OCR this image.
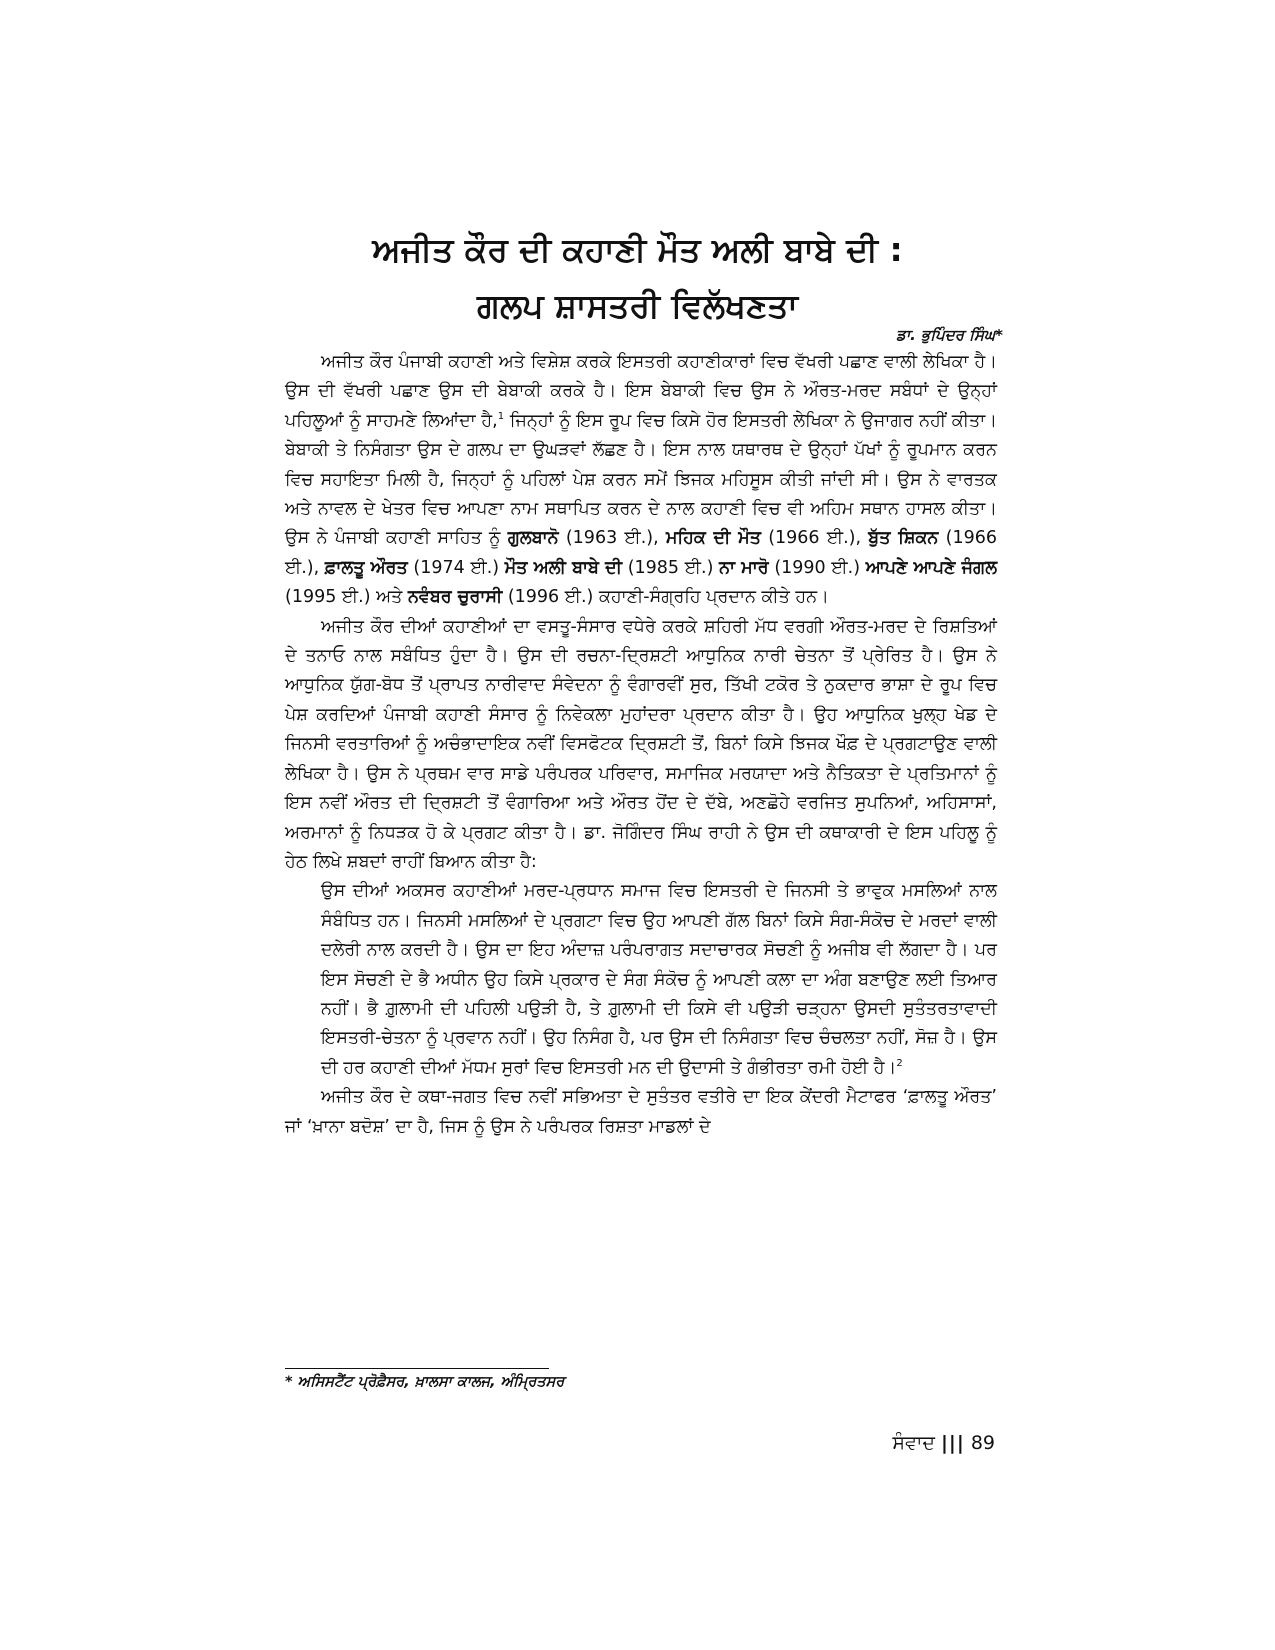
ਅਜੀਤ ਕੌਰ ਦੀ ਕਹਾਣੀ ਮੌਤ ਅਲੀ ਬਾਬੇ ਦੀ :
ਗਲਪ ਸ਼ਾਸਤਰੀ ਵਿਲੱਖਣਤਾ
ਡਾ. ਭੁਪਿੰਦਰ ਸਿੰਘ*

ਅਜੀਤ ਕੌਰ ਪੰਜਾਬੀ ਕਹਾਣੀ ਅਤੇ ਵਿਸ਼ੇਸ਼ ਕਰਕੇ ਇਸਤਰੀ ਕਹਾਣੀਕਾਰਾਂ ਵਿਚ ਵੱਖਰੀ ਪਛਾਣ ਵਾਲੀ ਲੇਖਿਕਾ ਹੈ। ਉਸ ਦੀ ਵੱਖਰੀ ਪਛਾਣ ਉਸ ਦੀ ਬੇਬਾਕੀ ਕਰਕੇ ਹੈ। ਇਸ ਬੇਬਾਕੀ ਵਿਚ ਉਸ ਨੇ ਔਰਤ-ਮਰਦ ਸਬੰਧਾਂ ਦੇ ਉਨ੍ਹਾਂ ਪਹਿਲੂਆਂ ਨੂੰ ਸਾਹਮਣੇ ਲਿਆਂਦਾ ਹੈ,$^1$ ਜਿਨ੍ਹਾਂ ਨੂੰ ਇਸ ਰੂਪ ਵਿਚ ਕਿਸੇ ਹੋਰ ਇਸਤਰੀ ਲੇਖਿਕਾ ਨੇ ਉਜਾਗਰ ਨਹੀਂ ਕੀਤਾ। ਬੇਬਾਕੀ ਤੇ ਨਿਸੰਗਤਾ ਉਸ ਦੇ ਗਲਪ ਦਾ ਉਘੜਵਾਂ ਲੱਛਣ ਹੈ। ਇਸ ਨਾਲ ਯਥਾਰਥ ਦੇ ਉਨ੍ਹਾਂ ਪੱਖਾਂ ਨੂੰ ਰੂਪਮਾਨ ਕਰਨ ਵਿਚ ਸਹਾਇਤਾ ਮਿਲੀ ਹੈ, ਜਿਨ੍ਹਾਂ ਨੂੰ ਪਹਿਲਾਂ ਪੇਸ਼ ਕਰਨ ਸਮੇਂ ਝਿਜਕ ਮਹਿਸੂਸ ਕੀਤੀ ਜਾਂਦੀ ਸੀ। ਉਸ ਨੇ ਵਾਰਤਕ ਅਤੇ ਨਾਵਲ ਦੇ ਖੇਤਰ ਵਿਚ ਆਪਣਾ ਨਾਮ ਸਥਾਪਿਤ ਕਰਨ ਦੇ ਨਾਲ ਕਹਾਣੀ ਵਿਚ ਵੀ ਅਹਿਮ ਸਥਾਨ ਹਾਸਲ ਕੀਤਾ। ਉਸ ਨੇ ਪੰਜਾਬੀ ਕਹਾਣੀ ਸਾਹਿਤ ਨੂੰ ਗੁਲਬਾਨੋ (1963 ਈ.), ਮਹਿਕ ਦੀ ਮੌਤ (1966 ਈ.), ਬੁੱਤ ਸ਼ਿਕਨ (1966 ਈ.), ਫ਼ਾਲਤੂ ਔਰਤ (1974 ਈ.) ਮੌਤ ਅਲੀ ਬਾਬੇ ਦੀ (1985 ਈ.) ਨਾ ਮਾਰੋ (1990 ਈ.) ਆਪਣੇ ਆਪਣੇ ਜੰਗਲ (1995 ਈ.) ਅਤੇ ਨਵੰਬਰ ਚੁਰਾਸੀ (1996 ਈ.) ਕਹਾਣੀ-ਸੰਗ੍ਰਹਿ ਪ੍ਰਦਾਨ ਕੀਤੇ ਹਨ।

ਅਜੀਤ ਕੌਰ ਦੀਆਂ ਕਹਾਣੀਆਂ ਦਾ ਵਸਤੂ-ਸੰਸਾਰ ਵਧੇਰੇ ਕਰਕੇ ਸ਼ਹਿਰੀ ਮੱਧ ਵਰਗੀ ਔਰਤ-ਮਰਦ ਦੇ ਰਿਸ਼ਤਿਆਂ ਦੇ ਤਨਾਓ ਨਾਲ ਸਬੰਧਿਤ ਹੁੰਦਾ ਹੈ। ਉਸ ਦੀ ਰਚਨਾ-ਦ੍ਰਿਸ਼ਟੀ ਆਧੁਨਿਕ ਨਾਰੀ ਚੇਤਨਾ ਤੋਂ ਪ੍ਰੇਰਿਤ ਹੈ। ਉਸ ਨੇ ਆਧੁਨਿਕ ਯੁੱਗ-ਬੋਧ ਤੋਂ ਪ੍ਰਾਪਤ ਨਾਰੀਵਾਦ ਸੰਵੇਦਨਾ ਨੂੰ ਵੰਗਾਰਵੀਂ ਸੁਰ, ਤਿੱਖੀ ਟਕੋਰ ਤੇ ਨੁਕਦਾਰ ਭਾਸ਼ਾ ਦੇ ਰੂਪ ਵਿਚ ਪੇਸ਼ ਕਰਦਿਆਂ ਪੰਜਾਬੀ ਕਹਾਣੀ ਸੰਸਾਰ ਨੂੰ ਨਿਵੇਕਲਾ ਮੁਹਾਂਦਰਾ ਪ੍ਰਦਾਨ ਕੀਤਾ ਹੈ। ਉਹ ਆਧੁਨਿਕ ਖੁਲ੍ਹ ਖੇਡ ਦੇ ਜਿਨਸੀ ਵਰਤਾਰਿਆਂ ਨੂੰ ਅਚੰਭਾਦਾਇਕ ਨਵੀਂ ਵਿਸਫੋਟਕ ਦ੍ਰਿਸ਼ਟੀ ਤੋਂ, ਬਿਨਾਂ ਕਿਸੇ ਝਿਜਕ ਖੌਫ਼ ਦੇ ਪ੍ਰਗਟਾਉਣ ਵਾਲੀ ਲੇਖਿਕਾ ਹੈ। ਉਸ ਨੇ ਪ੍ਰਥਮ ਵਾਰ ਸਾਡੇ ਪਰੰਪਰਕ ਪਰਿਵਾਰ, ਸਮਾਜਿਕ ਮਰਯਾਦਾ ਅਤੇ ਨੈਤਿਕਤਾ ਦੇ ਪ੍ਰਤਿਮਾਨਾਂ ਨੂੰ ਇਸ ਨਵੀਂ ਔਰਤ ਦੀ ਦ੍ਰਿਸ਼ਟੀ ਤੋਂ ਵੰਗਾਰਿਆ ਅਤੇ ਔਰਤ ਹੋਂਦ ਦੇ ਦੱਬੇ, ਅਣਛੋਹੇ ਵਰਜਿਤ ਸੁਪਨਿਆਂ, ਅਹਿਸਾਸਾਂ, ਅਰਮਾਨਾਂ ਨੂੰ ਨਿਧੜਕ ਹੋ ਕੇ ਪ੍ਰਗਟ ਕੀਤਾ ਹੈ। ਡਾ. ਜੋਗਿੰਦਰ ਸਿੰਘ ਰਾਹੀ ਨੇ ਉਸ ਦੀ ਕਥਾਕਾਰੀ ਦੇ ਇਸ ਪਹਿਲੂ ਨੂੰ ਹੇਠ ਲਿਖੇ ਸ਼ਬਦਾਂ ਰਾਹੀਂ ਬਿਆਨ ਕੀਤਾ ਹੈ:

ਉਸ ਦੀਆਂ ਅਕਸਰ ਕਹਾਣੀਆਂ ਮਰਦ-ਪ੍ਰਧਾਨ ਸਮਾਜ ਵਿਚ ਇਸਤਰੀ ਦੇ ਜਿਨਸੀ ਤੇ ਭਾਵੁਕ ਮਸਲਿਆਂ ਨਾਲ ਸੰਬੰਧਿਤ ਹਨ। ਜਿਨਸੀ ਮਸਲਿਆਂ ਦੇ ਪ੍ਰਗਟਾ ਵਿਚ ਉਹ ਆਪਣੀ ਗੱਲ ਬਿਨਾਂ ਕਿਸੇ ਸੰਗ-ਸੰਕੋਚ ਦੇ ਮਰਦਾਂ ਵਾਲੀ ਦਲੇਰੀ ਨਾਲ ਕਰਦੀ ਹੈ। ਉਸ ਦਾ ਇਹ ਅੰਦਾਜ਼ ਪਰੰਪਰਾਗਤ ਸਦਾਚਾਰਕ ਸੋਚਣੀ ਨੂੰ ਅਜੀਬ ਵੀ ਲੱਗਦਾ ਹੈ। ਪਰ ਇਸ ਸੋਚਣੀ ਦੇ ਭੈ ਅਧੀਨ ਉਹ ਕਿਸੇ ਪ੍ਰਕਾਰ ਦੇ ਸੰਗ ਸੰਕੋਚ ਨੂੰ ਆਪਣੀ ਕਲਾ ਦਾ ਅੰਗ ਬਣਾਉਣ ਲਈ ਤਿਆਰ ਨਹੀਂ। ਭੈ ਗ਼ੁਲਾਮੀ ਦੀ ਪਹਿਲੀ ਪਉੜੀ ਹੈ, ਤੇ ਗ਼ੁਲਾਮੀ ਦੀ ਕਿਸੇ ਵੀ ਪਉੜੀ ਚੜ੍ਹਨਾ ਉਸਦੀ ਸੁਤੰਤਰਤਾਵਾਦੀ ਇਸਤਰੀ-ਚੇਤਨਾ ਨੂੰ ਪ੍ਰਵਾਨ ਨਹੀਂ। ਉਹ ਨਿਸੰਗ ਹੈ, ਪਰ ਉਸ ਦੀ ਨਿਸੰਗਤਾ ਵਿਚ ਚੰਚਲਤਾ ਨਹੀਂ, ਸੋਜ਼ ਹੈ। ਉਸ ਦੀ ਹਰ ਕਹਾਣੀ ਦੀਆਂ ਮੱਧਮ ਸੁਰਾਂ ਵਿਚ ਇਸਤਰੀ ਮਨ ਦੀ ਉਦਾਸੀ ਤੇ ਗੰਭੀਰਤਾ ਰਮੀ ਹੋਈ ਹੈ।$^2$

ਅਜੀਤ ਕੌਰ ਦੇ ਕਥਾ-ਜਗਤ ਵਿਚ ਨਵੀਂ ਸਭਿਅਤਾ ਦੇ ਸੁਤੰਤਰ ਵਤੀਰੇ ਦਾ ਇਕ ਕੇਂਦਰੀ ਮੈਟਾਫਰ ‘ਫ਼ਾਲਤੂ ਔਰਤ’ ਜਾਂ ‘ਖ਼ਾਨਾ ਬਦੋਸ਼’ ਦਾ ਹੈ, ਜਿਸ ਨੂੰ ਉਸ ਨੇ ਪਰੰਪਰਕ ਰਿਸ਼ਤਾ ਮਾਡਲਾਂ ਦੇ

* ਅਸਿਸਟੈਂਟ ਪ੍ਰੋਫ਼ੈਸਰ, ਖ਼ਾਲਸਾ ਕਾਲਜ, ਅੰਮ੍ਰਿਤਸਰ
ਸੰਵਾਦ ||| 89
